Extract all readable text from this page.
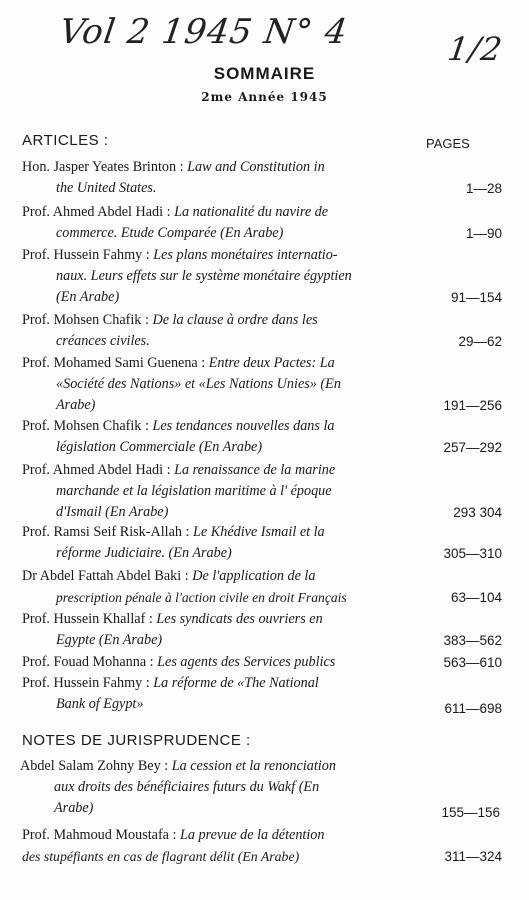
Vol 2 1945 N° 4	1/2
SOMMAIRE
2me Année 1945
ARTICLES :	PAGES
Hon. Jasper Yeates Brinton : Law and Constitution in
the United States.	1—28
Prof. Ahmed Abdel Hadi : La nationalité du navire de
commerce. Etude Comparée (En Arabe)	1—90
Prof. Hussein Fahmy : Les plans monétaires internatio-
naux. Leurs effets sur le système monétaire égyptien
(En Arabe)	91—154
Prof. Mohsen Chafik : De la clause à ordre dans les
créances civiles.	29—62
Prof. Mohamed Sami Guenena : Entre deux Pactes: La
«Société des Nations» et «Les Nations Unies» (En
Arabe)	191—256
Prof. Mohsen Chafik : Les tendances nouvelles dans la
législation Commerciale (En Arabe)	257—292
Prof. Ahmed Abdel Hadi : La renaissance de la marine
marchande et la législation maritime à l' époque
d'Ismail (En Arabe)	293 304
Prof. Ramsi Seif Risk-Allah : Le Khédive Ismail et la
réforme Judiciaire. (En Arabe)	305—310
Dr Abdel Fattah Abdel Baki : De l'application de la
prescription pénale à l'action civile en droit Français	63—104
Prof. Hussein Khallaf : Les syndicats des ouvriers en
Egypte (En Arabe)	383—562
Prof. Fouad Mohanna : Les agents des Services publics	563—610
Prof. Hussein Fahmy : La réforme de «The National
Bank of Egypt»	611—698
NOTES DE JURISPRUDENCE :
Abdel Salam Zohny Bey : La cession et la renonciation
aux droits des bénéficiaires futurs du Wakf (En
Arabe)	155—156
Prof. Mahmoud Moustafa : La prevue de la détention
des stupéfiants en cas de flagrant délit (En Arabe)	311—324
